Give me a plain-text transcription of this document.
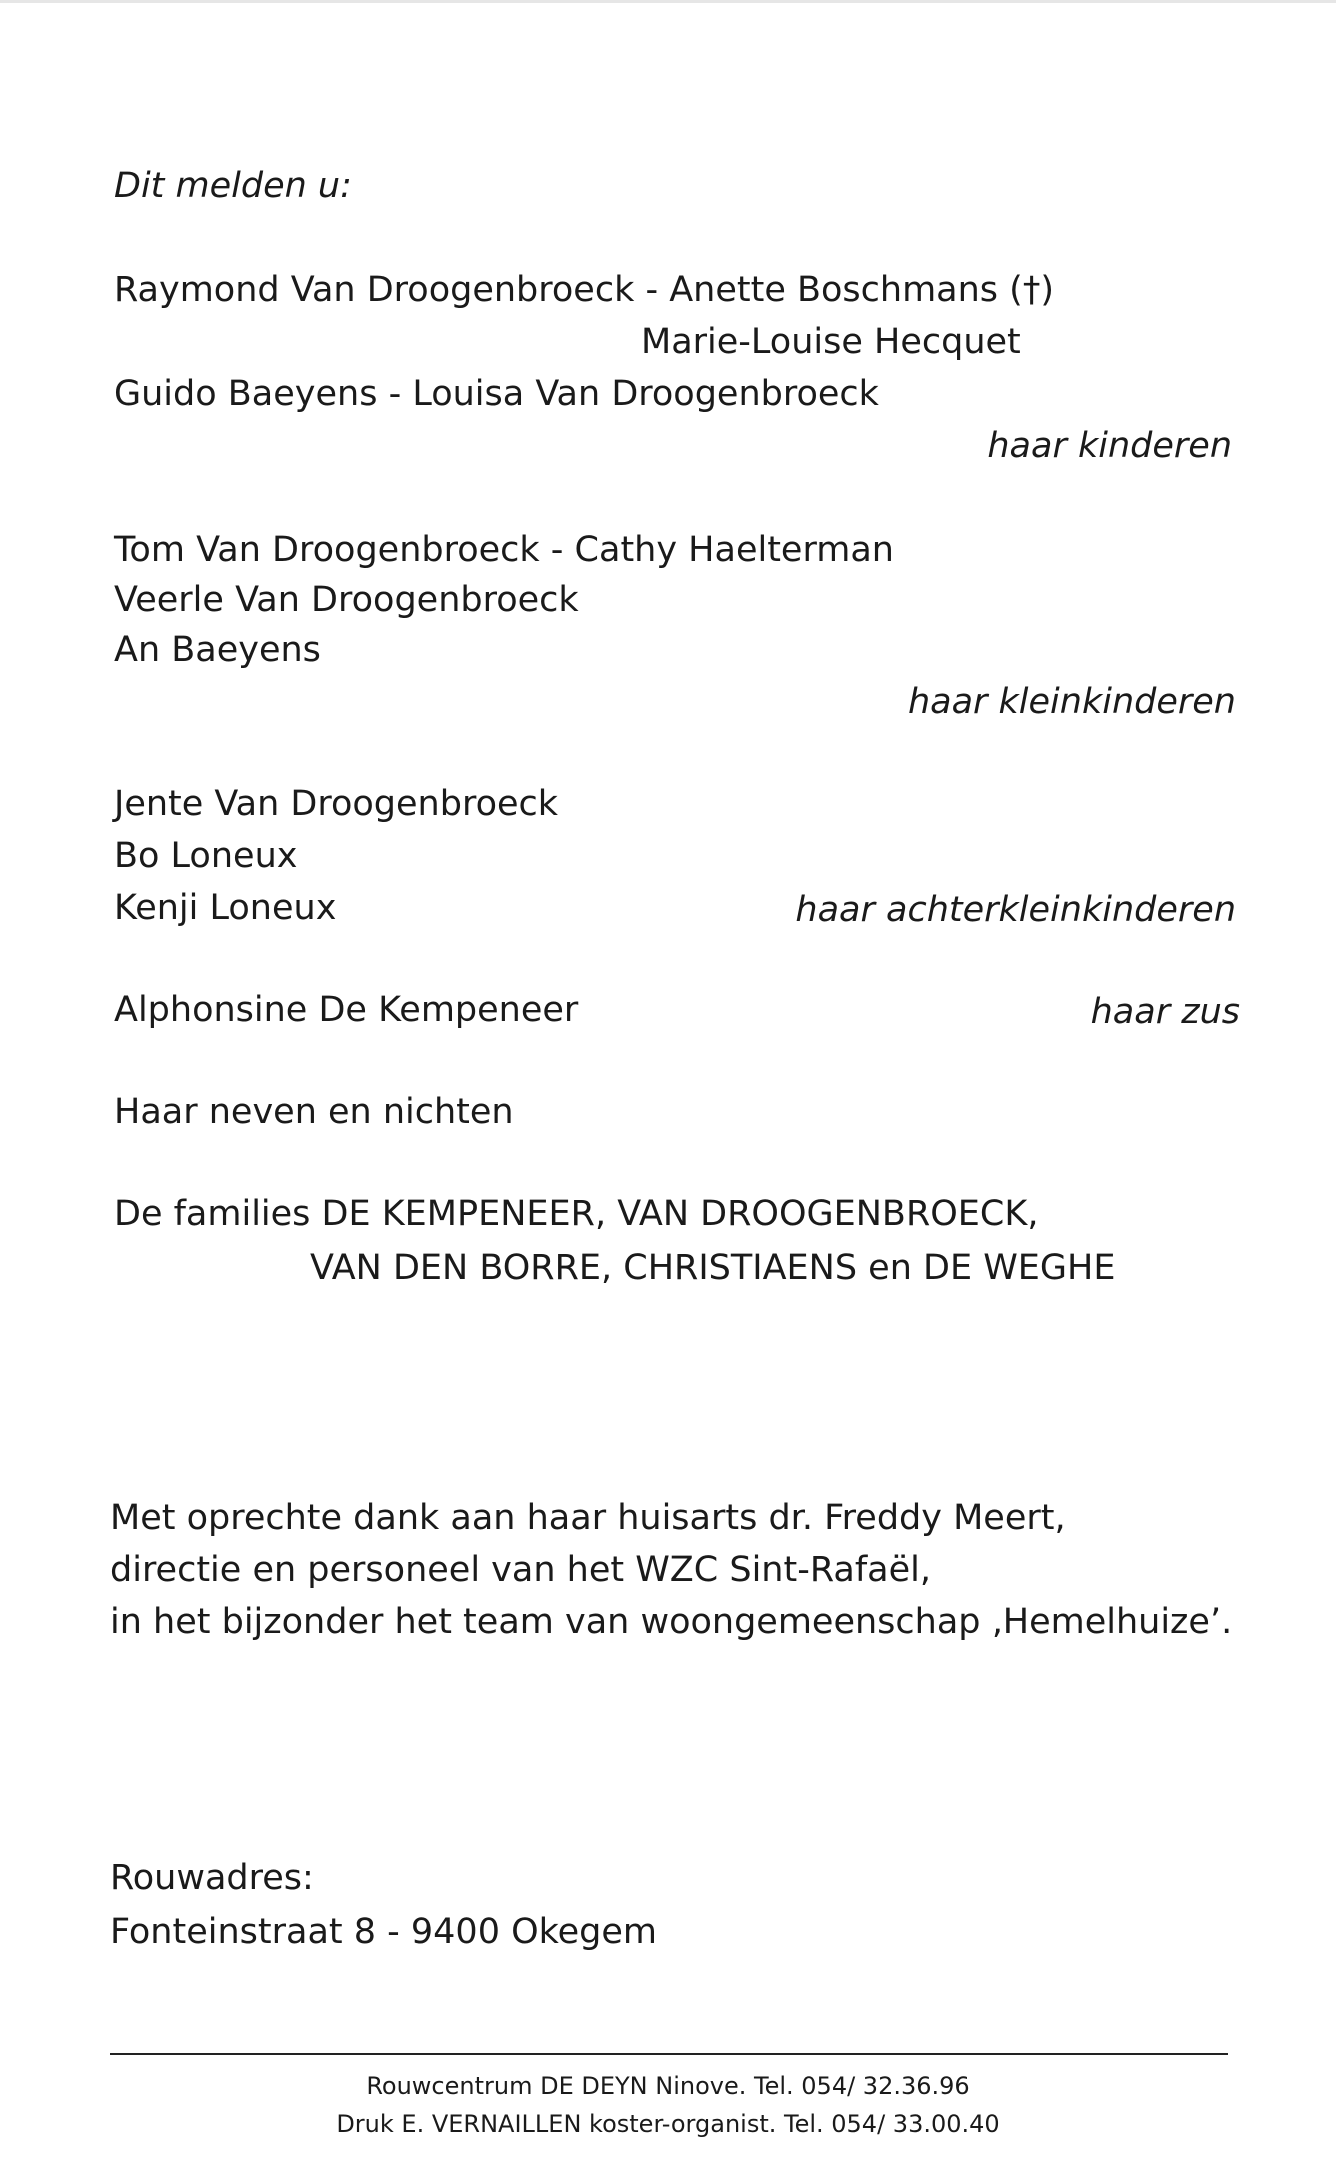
Dit melden u:
Raymond Van Droogenbroeck - Anette Boschmans (†)
Marie-Louise Hecquet
Guido Baeyens - Louisa Van Droogenbroeck
haar kinderen
Tom Van Droogenbroeck - Cathy Haelterman
Veerle Van Droogenbroeck
An Baeyens
haar kleinkinderen
Jente Van Droogenbroeck
Bo Loneux
Kenji Loneux	haar achterkleinkinderen
Alphonsine De Kempeneer	haar zus
Haar neven en nichten
De families DE KEMPENEER, VAN DROOGENBROECK,
VAN DEN BORRE, CHRISTIAENS en DE WEGHE
Met oprechte dank aan haar huisarts dr. Freddy Meert,
directie en personeel van het WZC Sint-Rafaël,
in het bijzonder het team van woongemeenschap ‚Hemelhuize’.
Rouwadres:
Fonteinstraat 8 - 9400 Okegem
Rouwcentrum DE DEYN Ninove. Tel. 054/ 32.36.96
Druk E. VERNAILLEN koster-organist. Tel. 054/ 33.00.40
